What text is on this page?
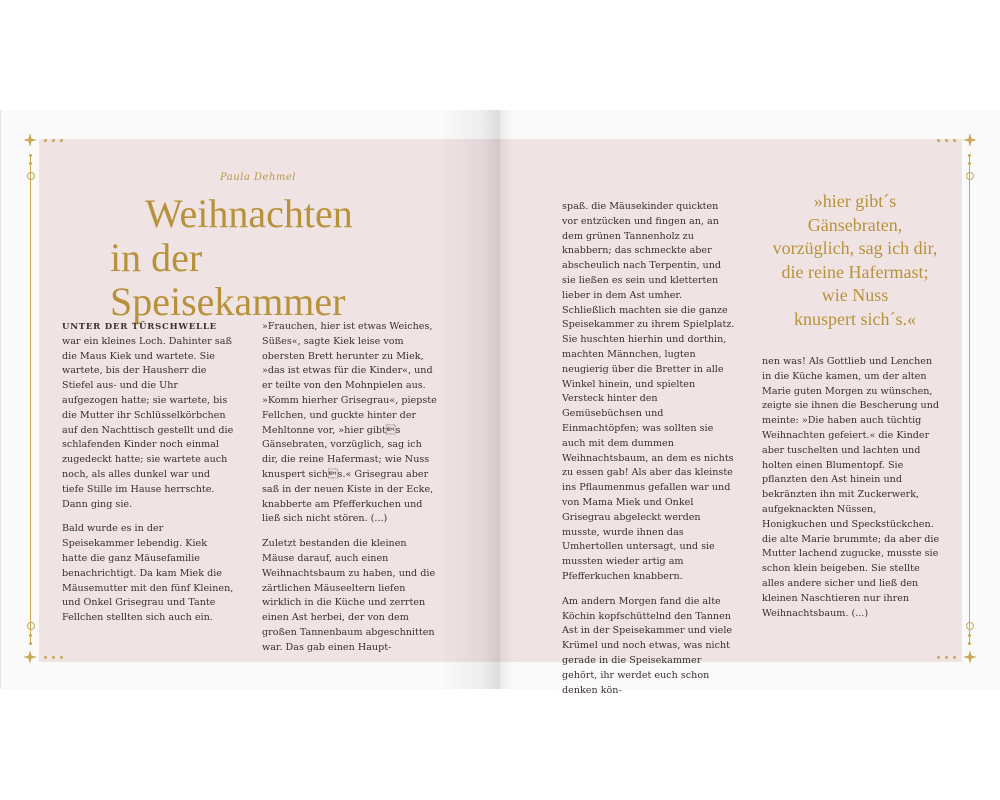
Paula Dehmel
Weihnachten
in der Speisekammer

UNTER DER TÜRSCHWELLE war ein kleines Loch. Dahinter saß die Maus Kiek und wartete. Sie wartete, bis der Hausherr die Stiefel aus- und die Uhr aufgezogen hatte; sie wartete, bis die Mutter ihr Schlüsselkörbchen auf den Nachttisch gestellt und die schlafenden Kinder noch einmal zugedeckt hatte; sie wartete auch noch, als alles dunkel war und tiefe Stille im Hause herrschte. Dann ging sie.

Bald wurde es in der Speisekammer lebendig. Kiek hatte die ganz Mäusefamilie benachrichtigt. Da kam Miek die Mäusemutter mit den fünf Kleinen, und Onkel Grisegrau und Tante Fellchen stellten sich auch ein.

»Frauchen, hier ist etwas Weiches, Süßes«, sagte Kiek leise vom obersten Brett herunter zu Miek, »das ist etwas für die Kinder«, und er teilte von den Mohnpielen aus. »Komm hierher Grisegrau«, piepste Fellchen, und guckte hinter der Mehltonne vor, »hier gibts Gänsebraten, vorzüglich, sag ich dir, die reine Hafermast; wie Nuss knuspert sichs.« Grisegrau aber saß in der neuen Kiste in der Ecke, knabberte am Pfefferkuchen und ließ sich nicht stören. (...)

Zuletzt bestanden die kleinen Mäuse darauf, auch einen Weihnachtsbaum zu haben, und die zärtlichen Mäuseeltern liefen wirklich in die Küche und zerrten einen Ast herbei, der von dem großen Tannenbaum abgeschnitten war. Das gab einen Haupt-

spaß. die Mäusekinder quickten vor entzücken und fingen an, an dem grünen Tannenholz zu knabbern; das schmeckte aber abscheulich nach Terpentin, und sie ließen es sein und kletterten lieber in dem Ast umher. Schließlich machten sie die ganze Speisekammer zu ihrem Spielplatz. Sie huschten hierhin und dorthin, machten Männchen, lugten neugierig über die Bretter in alle Winkel hinein, und spielten Versteck hinter den Gemüsebüchsen und Einmachtöpfen; was sollten sie auch mit dem dummen Weihnachtsbaum, an dem es nichts zu essen gab! Als aber das kleinste ins Pflaumenmus gefallen war und von Mama Miek und Onkel Grisegrau abgeleckt werden musste, wurde ihnen das Umhertollen untersagt, und sie mussten wieder artig am Pfefferkuchen knabbern.

Am andern Morgen fand die alte Köchin kopfschüttelnd den Tannen Ast in der Speisekammer und viele Krümel und noch etwas, was nicht gerade in die Speisekammer gehört, ihr werdet euch schon denken kön-

»hier gibt´s
Gänsebraten,
vorzüglich, sag ich dir,
die reine Hafermast;
wie Nuss
knuspert sich´s.«

nen was! Als Gottlieb und Lenchen in die Küche kamen, um der alten Marie guten Morgen zu wünschen, zeigte sie ihnen die Bescherung und meinte: »Die haben auch tüchtig Weihnachten gefeiert.« die Kinder aber tuschelten und lachten und holten einen Blumentopf. Sie pflanzten den Ast hinein und bekränzten ihn mit Zuckerwerk, aufgeknackten Nüssen, Honigkuchen und Speckstückchen. die alte Marie brummte; da aber die Mutter lachend zugucke, musste sie schon klein beigeben. Sie stellte alles andere sicher und ließ den kleinen Naschtieren nur ihren Weihnachtsbaum. (...)
